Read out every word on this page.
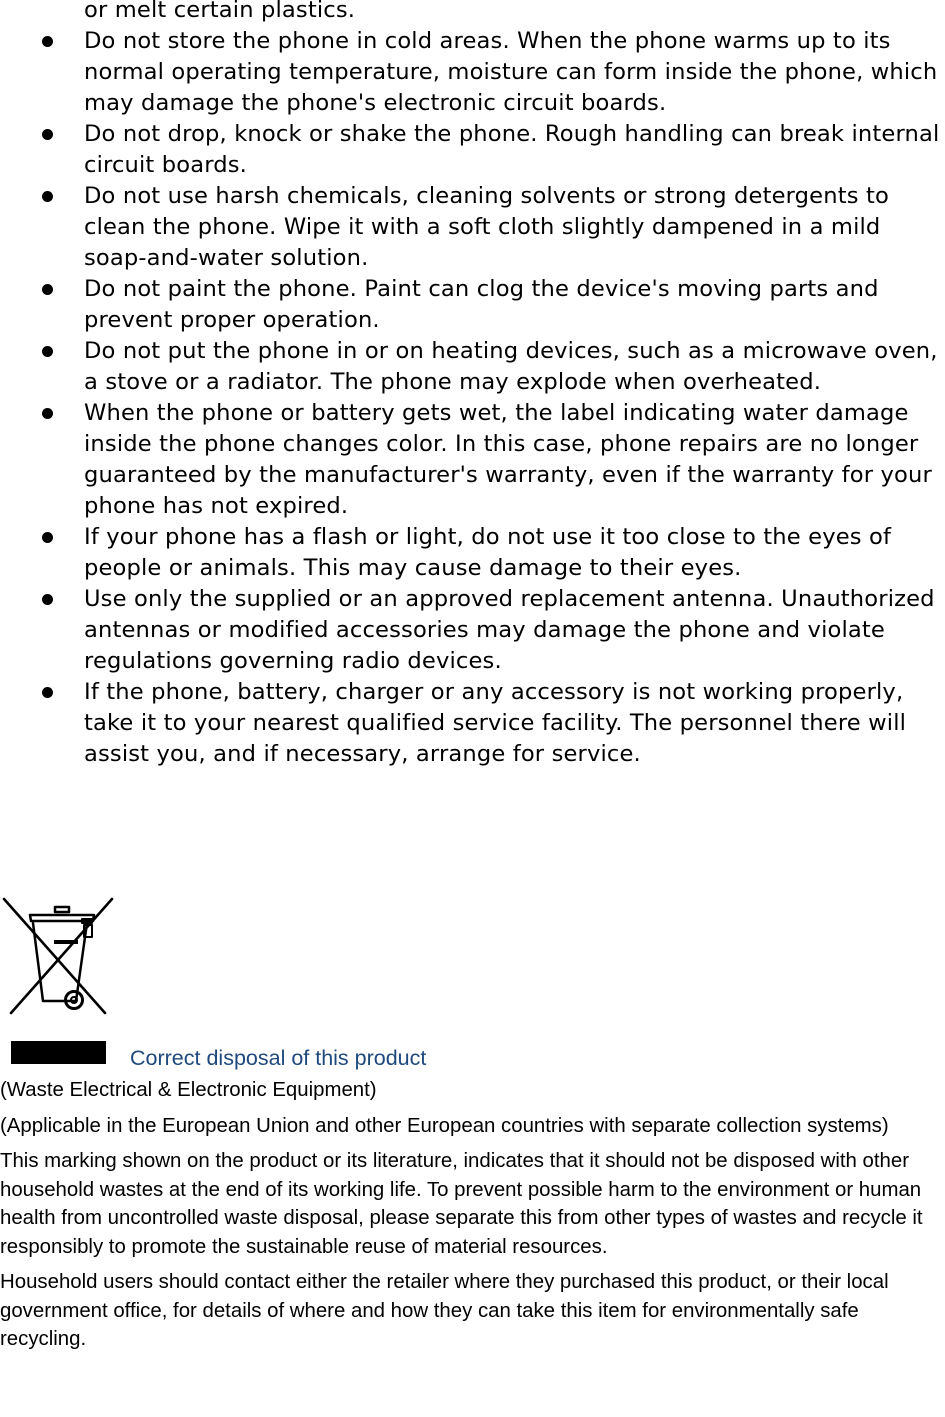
or melt certain plastics.
Do not store the phone in cold areas. When the phone warms up to its normal operating temperature, moisture can form inside the phone, which may damage the phone's electronic circuit boards.
Do not drop, knock or shake the phone. Rough handling can break internal circuit boards.
Do not use harsh chemicals, cleaning solvents or strong detergents to clean the phone. Wipe it with a soft cloth slightly dampened in a mild soap-and-water solution.
Do not paint the phone. Paint can clog the device's moving parts and prevent proper operation.
Do not put the phone in or on heating devices, such as a microwave oven, a stove or a radiator. The phone may explode when overheated.
When the phone or battery gets wet, the label indicating water damage inside the phone changes color. In this case, phone repairs are no longer guaranteed by the manufacturer's warranty, even if the warranty for your phone has not expired.
If your phone has a flash or light, do not use it too close to the eyes of people or animals. This may cause damage to their eyes.
Use only the supplied or an approved replacement antenna. Unauthorized antennas or modified accessories may damage the phone and violate regulations governing radio devices.
If the phone, battery, charger or any accessory is not working properly, take it to your nearest qualified service facility. The personnel there will assist you, and if necessary, arrange for service.
Correct disposal of this product

(Waste Electrical & Electronic Equipment)

(Applicable in the European Union and other European countries with separate collection systems)

This marking shown on the product or its literature, indicates that it should not be disposed with other household wastes at the end of its working life. To prevent possible harm to the environment or human health from uncontrolled waste disposal, please separate this from other types of wastes and recycle it responsibly to promote the sustainable reuse of material resources.

Household users should contact either the retailer where they purchased this product, or their local government office, for details of where and how they can take this item for environmentally safe recycling.
